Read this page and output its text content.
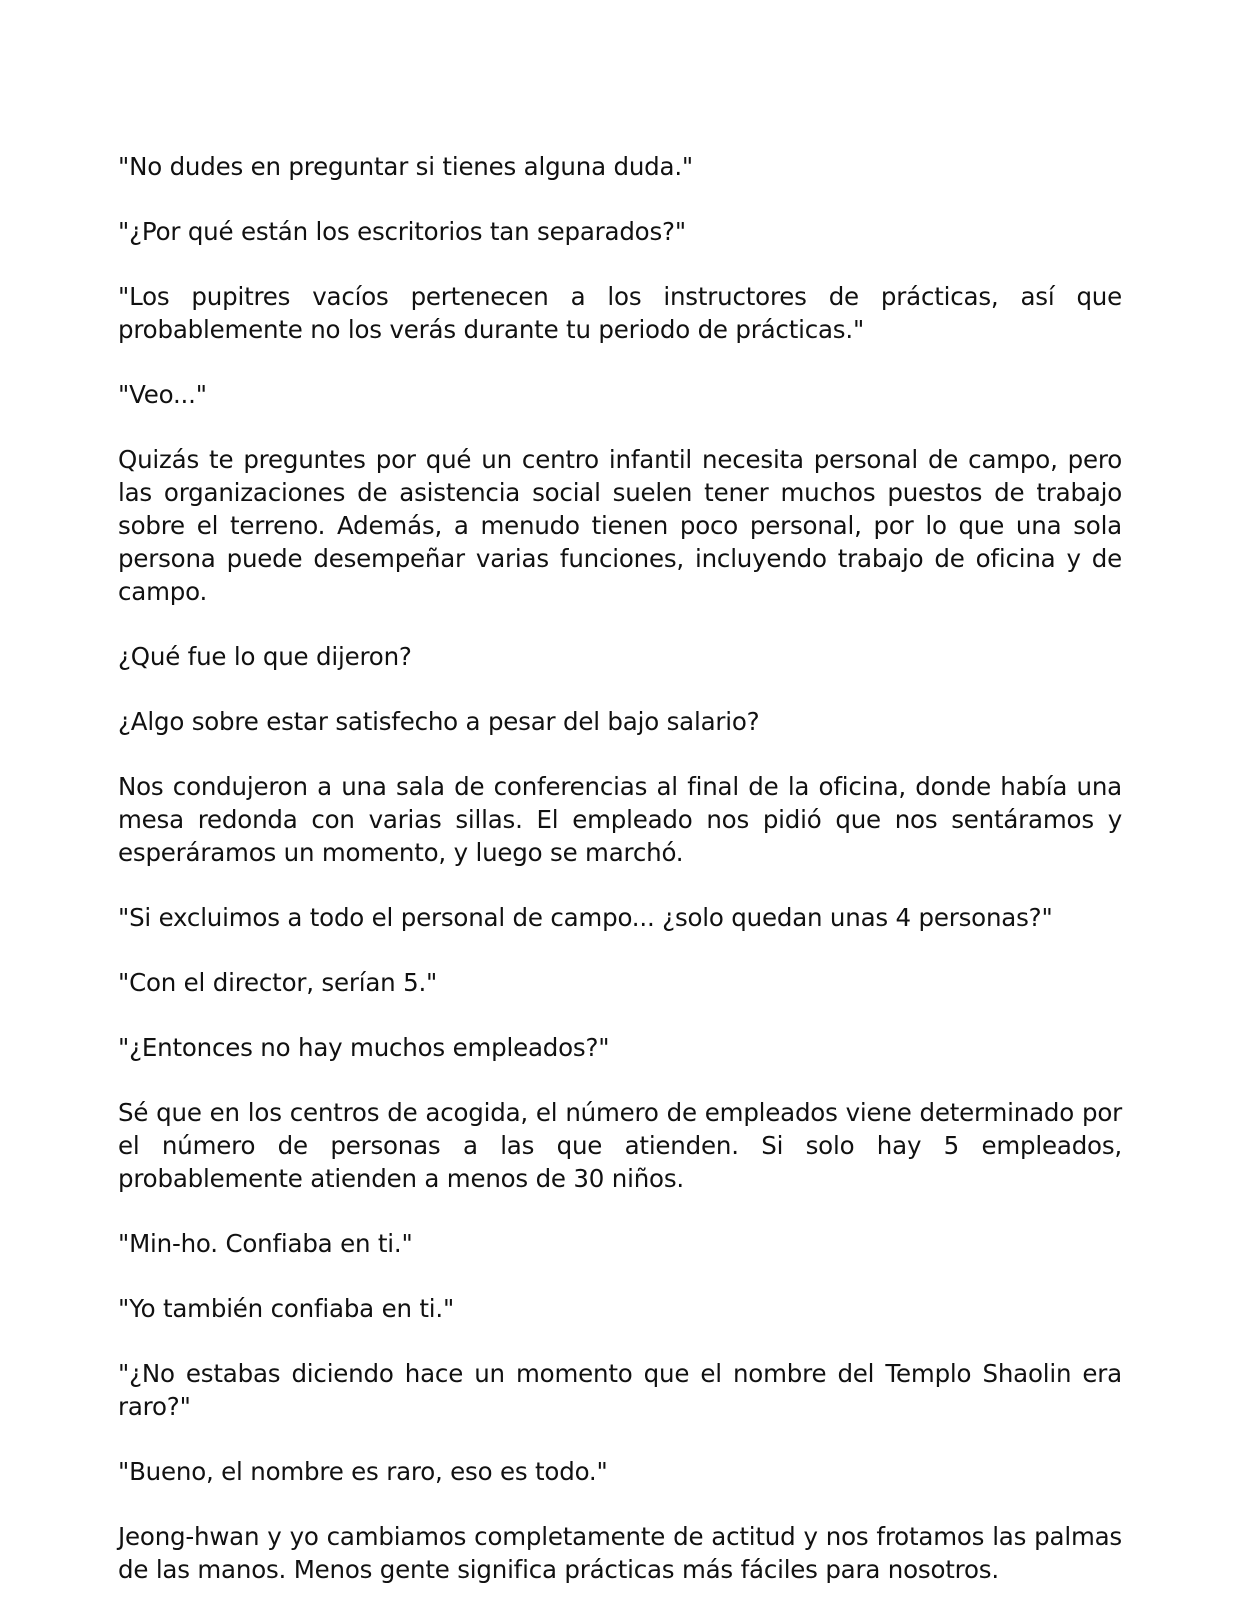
"No dudes en preguntar si tienes alguna duda."

"¿Por qué están los escritorios tan separados?"

"Los pupitres vacíos pertenecen a los instructores de prácticas, así que probablemente no los verás durante tu periodo de prácticas."

"Veo..."

Quizás te preguntes por qué un centro infantil necesita personal de campo, pero las organizaciones de asistencia social suelen tener muchos puestos de trabajo sobre el terreno. Además, a menudo tienen poco personal, por lo que una sola persona puede desempeñar varias funciones, incluyendo trabajo de oficina y de campo.

¿Qué fue lo que dijeron?

¿Algo sobre estar satisfecho a pesar del bajo salario?

Nos condujeron a una sala de conferencias al final de la oficina, donde había una mesa redonda con varias sillas. El empleado nos pidió que nos sentáramos y esperáramos un momento, y luego se marchó.

"Si excluimos a todo el personal de campo... ¿solo quedan unas 4 personas?"

"Con el director, serían 5."

"¿Entonces no hay muchos empleados?"

Sé que en los centros de acogida, el número de empleados viene determinado por el número de personas a las que atienden. Si solo hay 5 empleados, probablemente atienden a menos de 30 niños.

"Min-ho. Confiaba en ti."

"Yo también confiaba en ti."

"¿No estabas diciendo hace un momento que el nombre del Templo Shaolin era raro?"

"Bueno, el nombre es raro, eso es todo."

Jeong-hwan y yo cambiamos completamente de actitud y nos frotamos las palmas de las manos. Menos gente significa prácticas más fáciles para nosotros.
